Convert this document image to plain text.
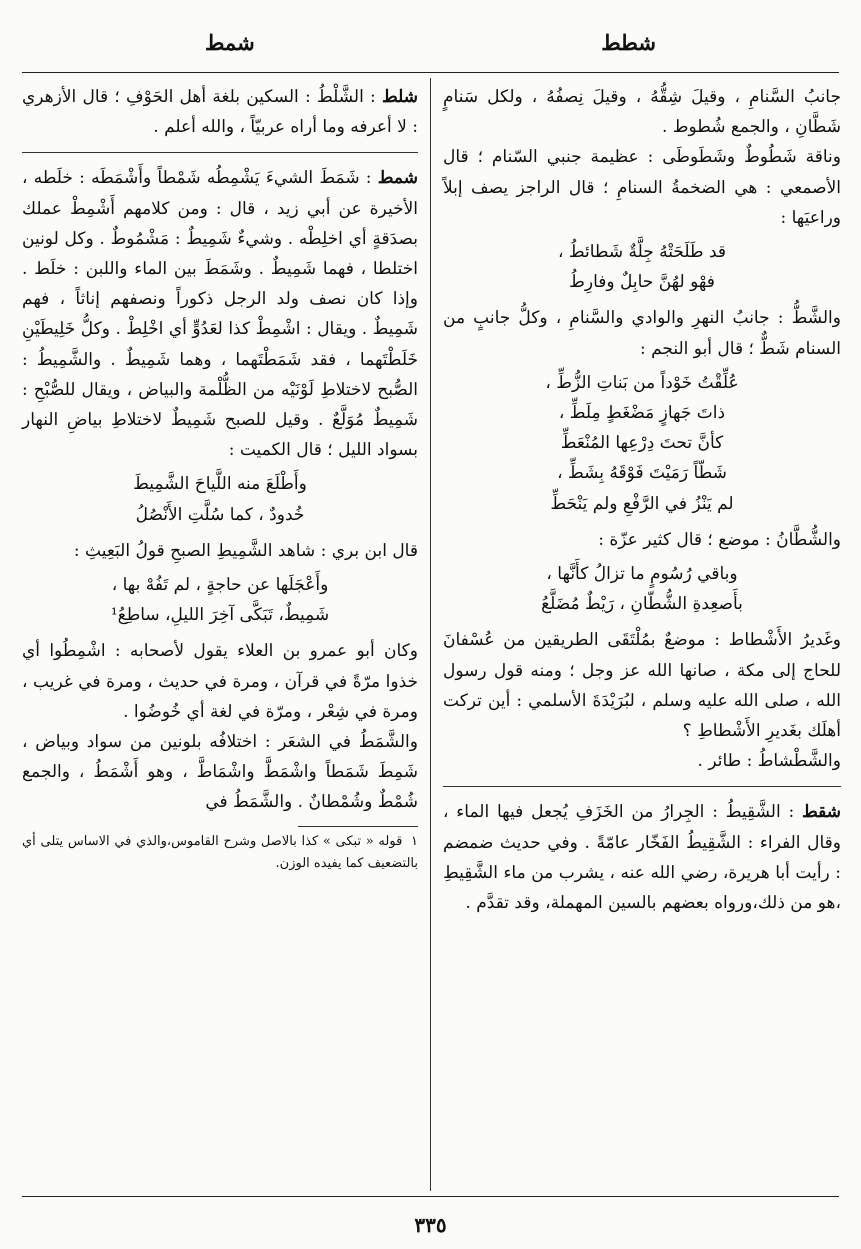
شطط
شمط

جانبُ السَّنامِ ، وقيلَ شِقُّهُ ، وقيلَ نِصفُهُ ، ولكل سَنامٍ شَطَّانِ ، والجمع شُطوط .

وناقة شَطُوطٌ وشَطَوطَى : عظيمة جنبي السّنام ؛ قال الأصمعي : هي الضخمةُ السنامِ ؛ قال الراجز يصف إبلاً وراعيَها :

قد طَلَحَتْهُ جِلَّةٌ شَطائطُ ،
فهْو لهُنَّ حابِلٌ وفارِطُ

والشَّطُّ : جانبُ النهرِ والوادي والسَّنامِ ، وكلُّ جانبٍ من السنام شَطٌّ ؛ قال أبو النجم :

عُلِّقْتُ خَوْداً من بَناتِ الزُّطِّ ،
ذاتَ جَهازٍ مَضْغَطٍ مِلَطِّ ،
كأنَّ تحتَ دِرْعِها المُنْعَطِّ
شَطّاً رَمَيْتَ فَوْقَهُ بِشَطِّ ،
لم يَنْزُ في الرَّفْعِ ولم يَنْحَطِّ

والشُّطَّانُ : موضع ؛ قال كثير عزّة :

وباقي رُسُومٍ ما تزالُ كأَنَّها ،
بأَصعِدةِ الشُّطّانِ ، رَيْطٌ مُضَلَّعُ

وغَديرُ الأَشْطاط : موضعٌ بمُلْتَقَى الطريقين من عُسْفانَ للحاج إلى مكة ، صانها الله عز وجل ؛ ومنه قول رسول الله ، صلى الله عليه وسلم ، لبُرَيْدَةَ الأسلمي : أين تركت أهلَك بغَديرِ الأَشْطاطِ ؟

والشَّطْشاطُ : طائر .

شقط : الشَّقِيطُ : الجِرارُ من الخَزَفِ يُجعل فيها الماء ، وقال الفراء : الشَّقِيطُ الفَخّار عامّةً . وفي حديث ضمضم : رأيت أبا هريرة، رضي الله عنه ، يشرب من ماء الشَّقِيطِ ،هو من ذلك،ورواه بعضهم بالسين المهملة، وقد تقدَّم .

شلط : الشَّلْطُ : السكين بلغة أهل الحَوْفِ ؛ قال الأزهري : لا أعرفه وما أراه عربيّاً ، والله أعلم .

شمط : شَمَطَ الشيءَ يَشْمِطُه شَمْطاً وأَشْمَطَه : خلَطه ، الأخيرة عن أبي زيد ، قال : ومن كلامهم أَشْمِطْ عملك بصدَقةٍ أي اخلِطْه . وشيءٌ شَمِيطٌ : مَشْمُوطٌ . وكل لونين اختلطا ، فهما شَمِيطٌ . وشَمَطَ بين الماء واللبن : خلَط . وإذا كان نصف ولد الرجل ذكوراً ونصفهم إناثاً ، فهم شَمِيطٌ . ويقال : اشْمِطْ كذا لعَدُوٍّ أي اخْلِطْ . وكلُّ خَلِيطَيْنِ خَلَطْتَهما ، فقد شَمَطْتَهما ، وهما شَمِيطٌ . والشَّمِيطُ : الصُّبح لاختلاطِ لَوْنَيْه من الظُّلْمة والبياض ، ويقال للصُّبْحِ : شَمِيطٌ مُوَلَّعٌ . وقيل للصبح شَمِيطٌ لاختلاطِ بياضِ النهار بسواد الليل ؛ قال الكميت :

وأَطْلَعَ منه اللَّياحَ الشَّمِيطَ
خُدودٌ ، كما سُلَّتِ الأَنْصُلُ

قال ابن بري : شاهد الشَّمِيطِ الصبحِ قولُ البَعِيثِ :

وأَعْجَلَها عن حاجةٍ ، لم تَفُهْ بها ،
شَمِيطٌ، تَبَكَّى آخِرَ الليلِ، ساطِعُ¹

وكان أبو عمرو بن العلاء يقول لأصحابه : اشْمِطُوا أي خذوا مرّةً في قرآن ، ومرة في حديث ، ومرة في غريب ، ومرة في شِعْر ، ومرّة في لغة أي خُوضُوا .

والشَّمَطُ في الشعَر : اختلافُه بلونين من سواد وبياض ، شَمِطَ شَمَطاً واشْمَطَّ واشْمَاطَّ ، وهو أَشْمَطُ ، والجمع شُمْطٌ وشُمْطانٌ . والشَّمَطُ في

١ قوله « تبكى » كذا بالاصل وشرح القاموس،والذي في الاساس يتلى أي بالتضعيف كما يفيده الوزن.
٣٣٥
